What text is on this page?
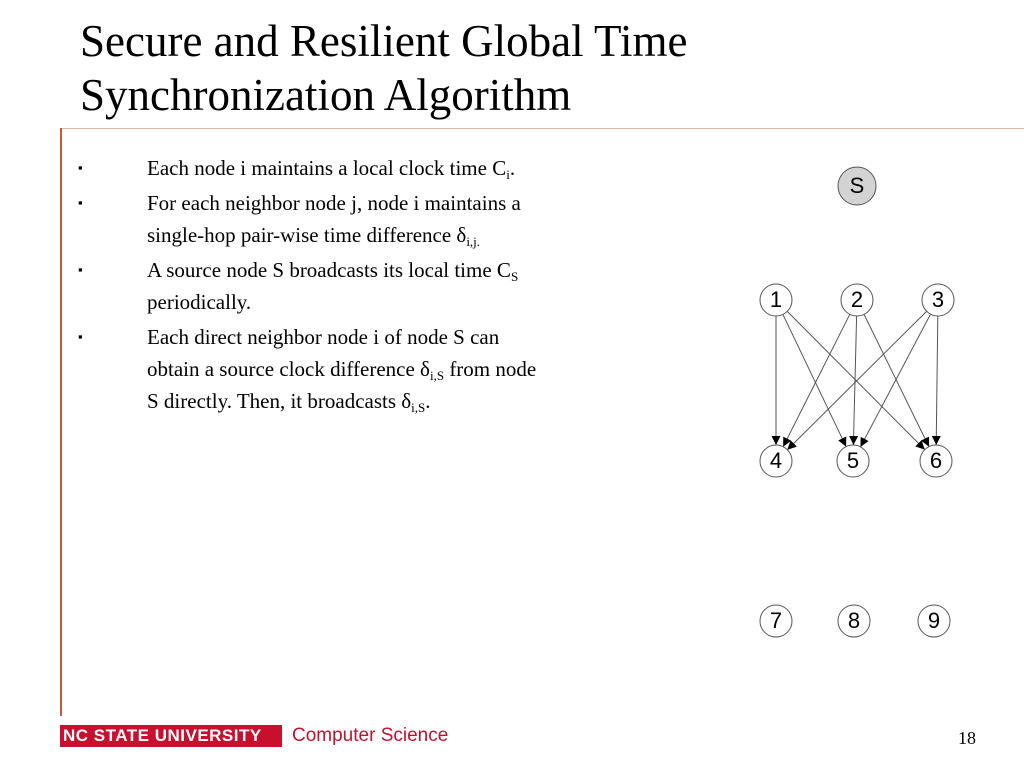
Secure and Resilient Global Time
Synchronization Algorithm
▪	Each node i maintains a local clock time $C_i$.
▪	For each neighbor node j, node i maintains a
single-hop pair-wise time difference $\delta_{i,j.}$
▪	A source node S broadcasts its local time $C_S$
periodically.
▪	Each direct neighbor node i of node S can
obtain a source clock difference $\delta_{i,S}$ from node
S directly. Then, it broadcasts $\delta_{i,S}$.
S
1	2	3
4	5	6
7	8	9
NC STATE UNIVERSITY	Computer Science	18
